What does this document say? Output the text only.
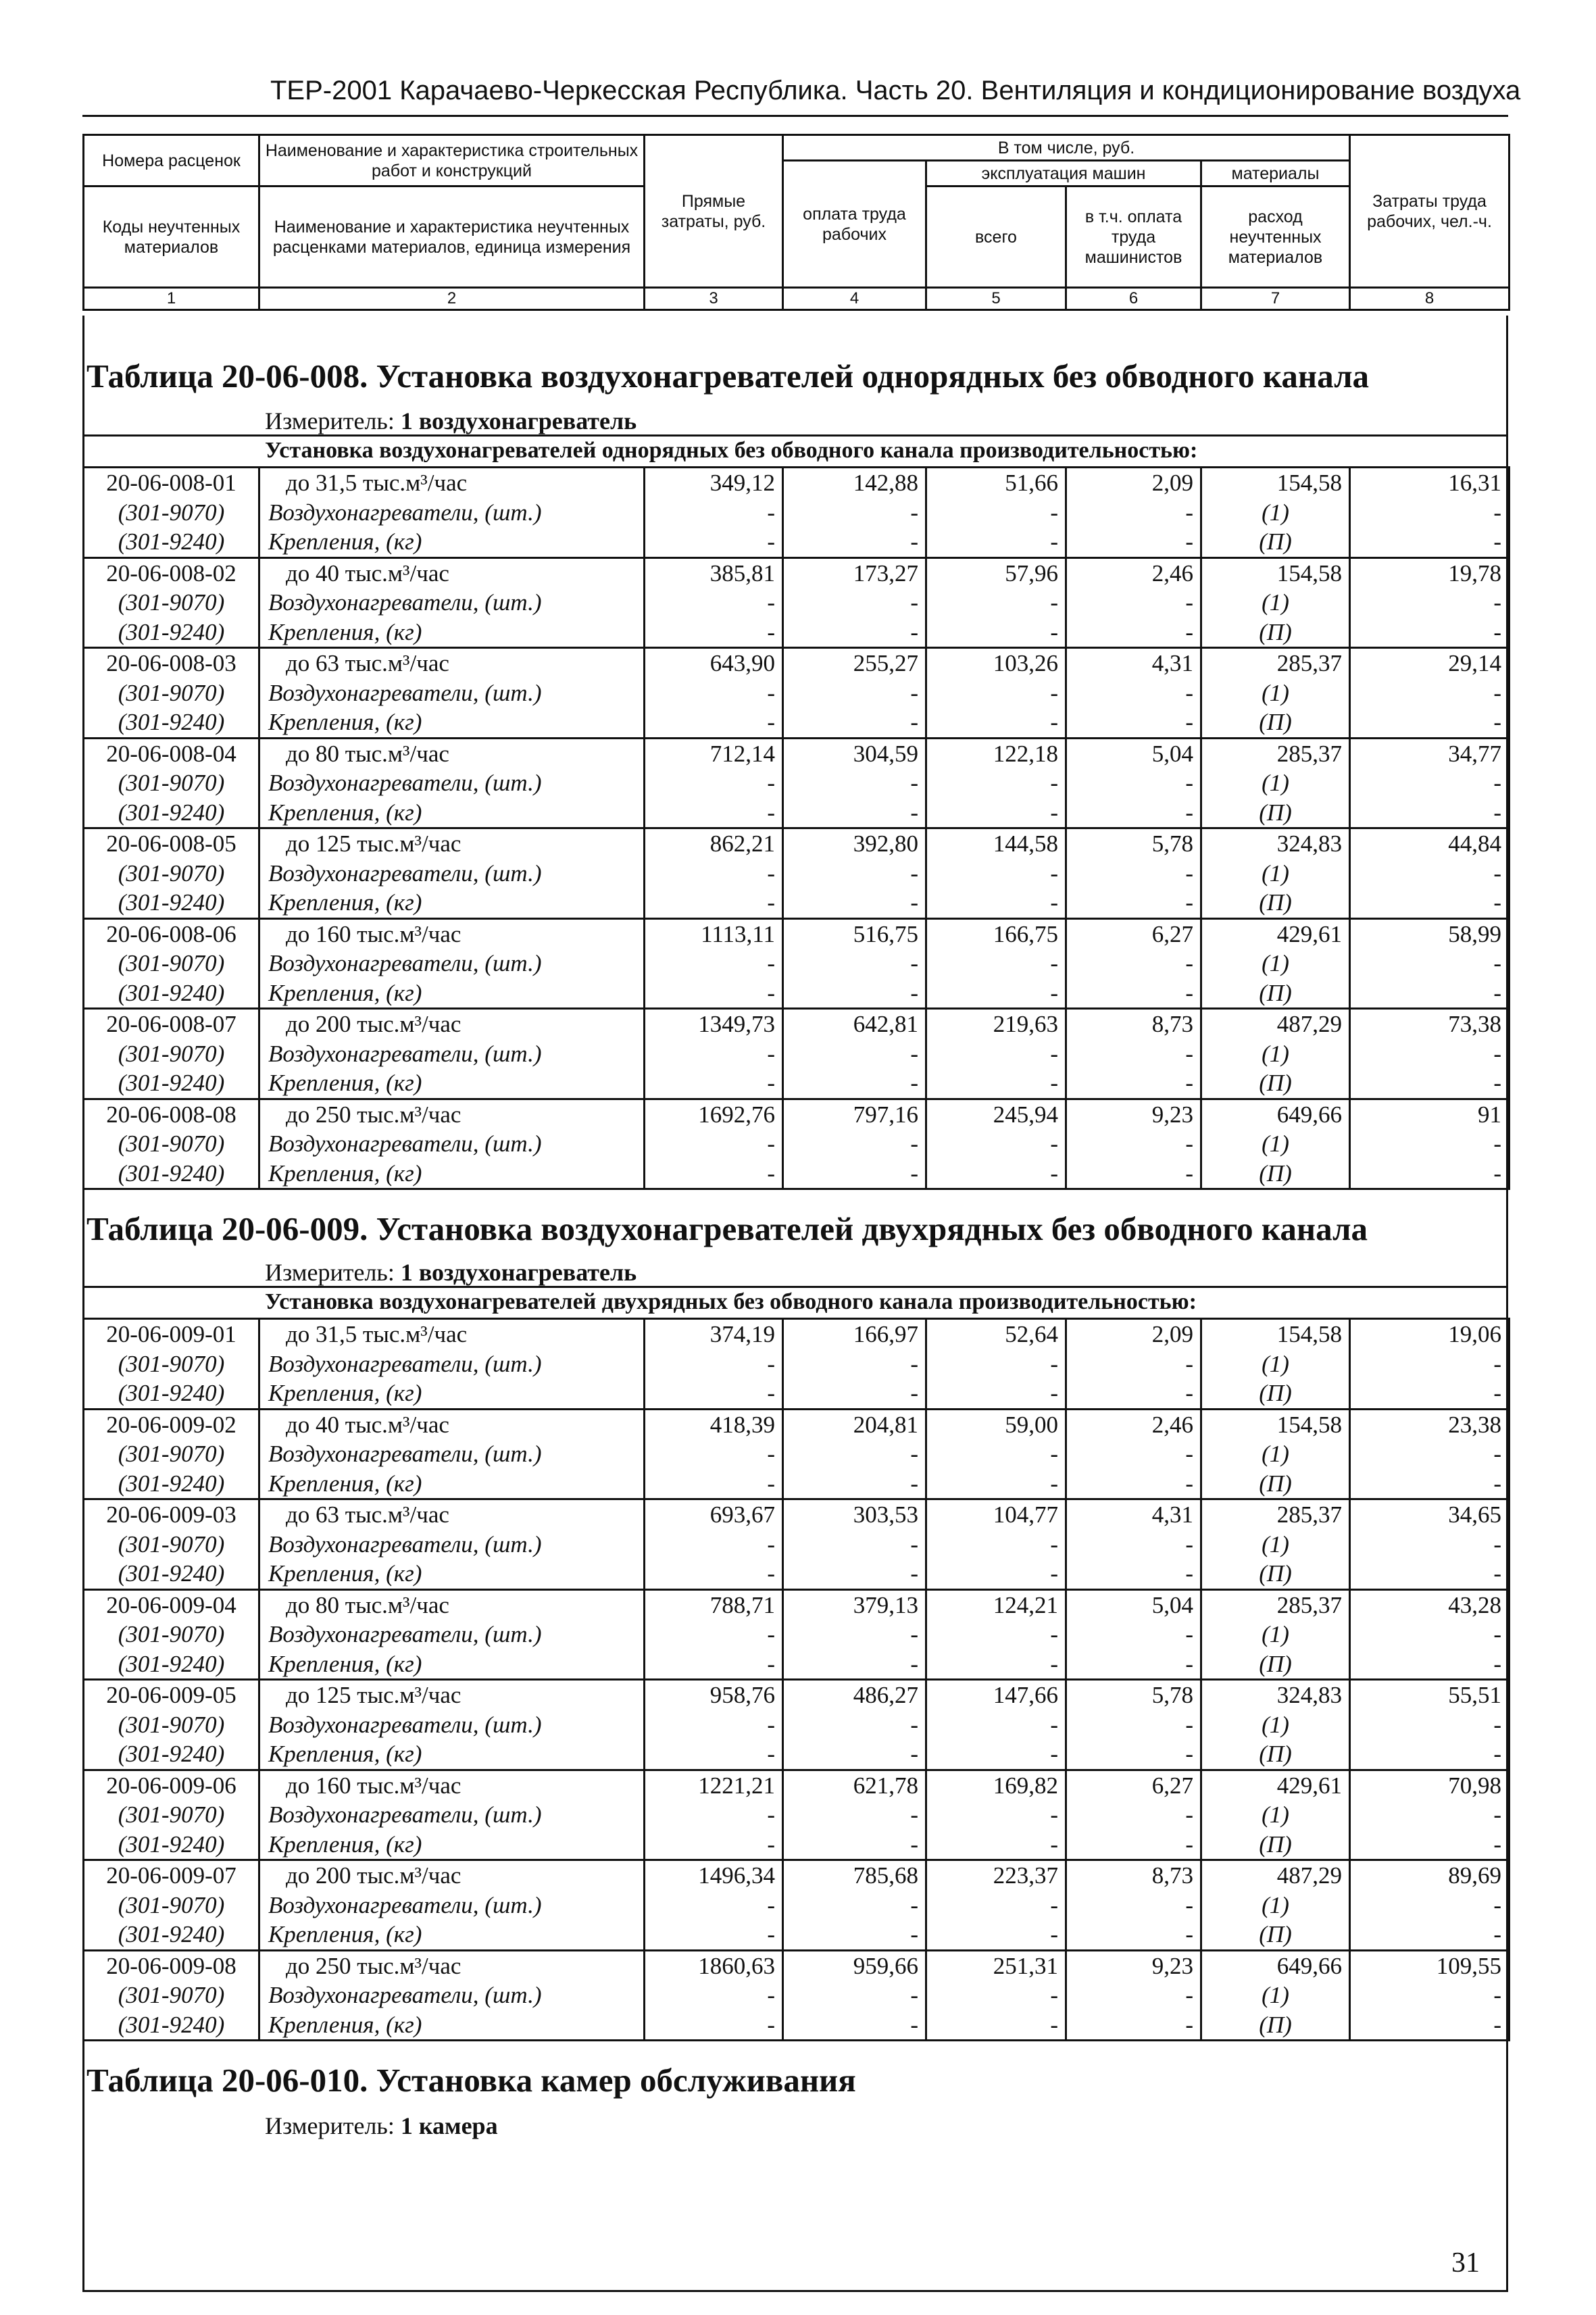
ТЕР-2001 Карачаево-Черкесская Республика. Часть 20. Вентиляция и кондиционирование воздуха
Номера расценок	Наименование и характеристика строительных работ и конструкций	Прямые затраты, руб.	В том числе, руб.				Затраты труда рабочих, чел.-ч.
			оплата труда рабочих	эксплуатация машин		материалы	
Коды неучтенных материалов	Наименование и характеристика неучтенных расценками материалов, единица измерения			всего	в т.ч. оплата труда машинистов	расход неучтенных материалов	

1	2	3	4	5	6	7	8
Таблица 20-06-008. Установка воздухонагревателей однорядных без обводного канала
Измеритель: 1 воздухонагреватель
Установка воздухонагревателей однорядных без обводного канала производительностью:
20-06-008-01	до 31,5 тыс.м³/час	349,12	142,88	51,66	2,09	154,58	16,31
(301-9070)	Воздухонагреватели, (шт.)	-	-	-	-	(1)	-
(301-9240)	Крепления, (кг)	-	-	-	-	(П)	-
20-06-008-02	до 40 тыс.м³/час	385,81	173,27	57,96	2,46	154,58	19,78
(301-9070)	Воздухонагреватели, (шт.)	-	-	-	-	(1)	-
(301-9240)	Крепления, (кг)	-	-	-	-	(П)	-
20-06-008-03	до 63 тыс.м³/час	643,90	255,27	103,26	4,31	285,37	29,14
(301-9070)	Воздухонагреватели, (шт.)	-	-	-	-	(1)	-
(301-9240)	Крепления, (кг)	-	-	-	-	(П)	-
20-06-008-04	до 80 тыс.м³/час	712,14	304,59	122,18	5,04	285,37	34,77
(301-9070)	Воздухонагреватели, (шт.)	-	-	-	-	(1)	-
(301-9240)	Крепления, (кг)	-	-	-	-	(П)	-
20-06-008-05	до 125 тыс.м³/час	862,21	392,80	144,58	5,78	324,83	44,84
(301-9070)	Воздухонагреватели, (шт.)	-	-	-	-	(1)	-
(301-9240)	Крепления, (кг)	-	-	-	-	(П)	-
20-06-008-06	до 160 тыс.м³/час	1113,11	516,75	166,75	6,27	429,61	58,99
(301-9070)	Воздухонагреватели, (шт.)	-	-	-	-	(1)	-
(301-9240)	Крепления, (кг)	-	-	-	-	(П)	-
20-06-008-07	до 200 тыс.м³/час	1349,73	642,81	219,63	8,73	487,29	73,38
(301-9070)	Воздухонагреватели, (шт.)	-	-	-	-	(1)	-
(301-9240)	Крепления, (кг)	-	-	-	-	(П)	-
20-06-008-08	до 250 тыс.м³/час	1692,76	797,16	245,94	9,23	649,66	91
(301-9070)	Воздухонагреватели, (шт.)	-	-	-	-	(1)	-
(301-9240)	Крепления, (кг)	-	-	-	-	(П)	-
Таблица 20-06-009. Установка воздухонагревателей двухрядных без обводного канала
Измеритель: 1 воздухонагреватель
Установка воздухонагревателей двухрядных без обводного канала производительностью:
20-06-009-01	до 31,5 тыс.м³/час	374,19	166,97	52,64	2,09	154,58	19,06
(301-9070)	Воздухонагреватели, (шт.)	-	-	-	-	(1)	-
(301-9240)	Крепления, (кг)	-	-	-	-	(П)	-
20-06-009-02	до 40 тыс.м³/час	418,39	204,81	59,00	2,46	154,58	23,38
(301-9070)	Воздухонагреватели, (шт.)	-	-	-	-	(1)	-
(301-9240)	Крепления, (кг)	-	-	-	-	(П)	-
20-06-009-03	до 63 тыс.м³/час	693,67	303,53	104,77	4,31	285,37	34,65
(301-9070)	Воздухонагреватели, (шт.)	-	-	-	-	(1)	-
(301-9240)	Крепления, (кг)	-	-	-	-	(П)	-
20-06-009-04	до 80 тыс.м³/час	788,71	379,13	124,21	5,04	285,37	43,28
(301-9070)	Воздухонагреватели, (шт.)	-	-	-	-	(1)	-
(301-9240)	Крепления, (кг)	-	-	-	-	(П)	-
20-06-009-05	до 125 тыс.м³/час	958,76	486,27	147,66	5,78	324,83	55,51
(301-9070)	Воздухонагреватели, (шт.)	-	-	-	-	(1)	-
(301-9240)	Крепления, (кг)	-	-	-	-	(П)	-
20-06-009-06	до 160 тыс.м³/час	1221,21	621,78	169,82	6,27	429,61	70,98
(301-9070)	Воздухонагреватели, (шт.)	-	-	-	-	(1)	-
(301-9240)	Крепления, (кг)	-	-	-	-	(П)	-
20-06-009-07	до 200 тыс.м³/час	1496,34	785,68	223,37	8,73	487,29	89,69
(301-9070)	Воздухонагреватели, (шт.)	-	-	-	-	(1)	-
(301-9240)	Крепления, (кг)	-	-	-	-	(П)	-
20-06-009-08	до 250 тыс.м³/час	1860,63	959,66	251,31	9,23	649,66	109,55
(301-9070)	Воздухонагреватели, (шт.)	-	-	-	-	(1)	-
(301-9240)	Крепления, (кг)	-	-	-	-	(П)	-
Таблица 20-06-010. Установка камер обслуживания
Измеритель: 1 камера
31
